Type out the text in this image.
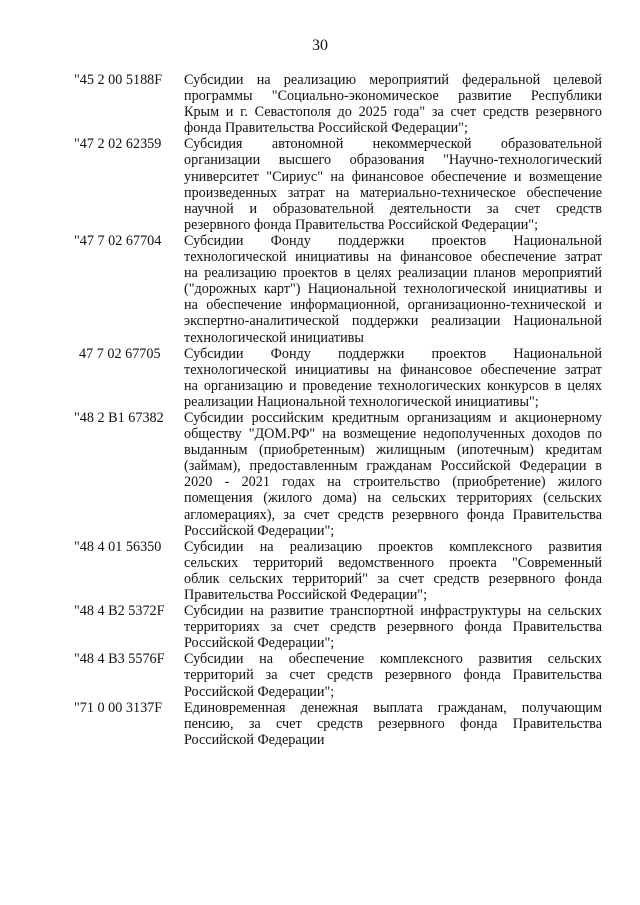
30
"45 2 00 5188F	Субсидии на реализацию мероприятий федеральной целевой
программы "Социально-экономическое развитие Республики
Крым и г. Севастополя до 2025 года" за счет средств резервного
фонда Правительства Российской Федерации";
"47 2 02 62359	Субсидия автономной некоммерческой образовательной
организации высшего образования "Научно-технологический
университет "Сириус" на финансовое обеспечение и возмещение
произведенных затрат на материально-техническое обеспечение
научной и образовательной деятельности за счет средств
резервного фонда Правительства Российской Федерации";
"47 7 02 67704	Субсидии Фонду поддержки проектов Национальной
технологической инициативы на финансовое обеспечение затрат
на реализацию проектов в целях реализации планов мероприятий
("дорожных карт") Национальной технологической инициативы и
на обеспечение информационной, организационно-технической и
экспертно-аналитической поддержки реализации Национальной
технологической инициативы
47 7 02 67705	Субсидии Фонду поддержки проектов Национальной
технологической инициативы на финансовое обеспечение затрат
на организацию и проведение технологических конкурсов в целях
реализации Национальной технологической инициативы";
"48 2 B1 67382	Субсидии российским кредитным организациям и акционерному
обществу "ДОМ.РФ" на возмещение недополученных доходов по
выданным (приобретенным) жилищным (ипотечным) кредитам
(займам), предоставленным гражданам Российской Федерации в
2020 - 2021 годах на строительство (приобретение) жилого
помещения (жилого дома) на сельских территориях (сельских
агломерациях), за счет средств резервного фонда Правительства
Российской Федерации";
"48 4 01 56350	Субсидии на реализацию проектов комплексного развития
сельских территорий ведомственного проекта "Современный
облик сельских территорий" за счет средств резервного фонда
Правительства Российской Федерации";
"48 4 B2 5372F	Субсидии на развитие транспортной инфраструктуры на сельских
территориях за счет средств резервного фонда Правительства
Российской Федерации";
"48 4 B3 5576F	Субсидии на обеспечение комплексного развития сельских
территорий за счет средств резервного фонда Правительства
Российской Федерации";
"71 0 00 3137F	Единовременная денежная выплата гражданам, получающим
пенсию, за счет средств резервного фонда Правительства
Российской Федерации
